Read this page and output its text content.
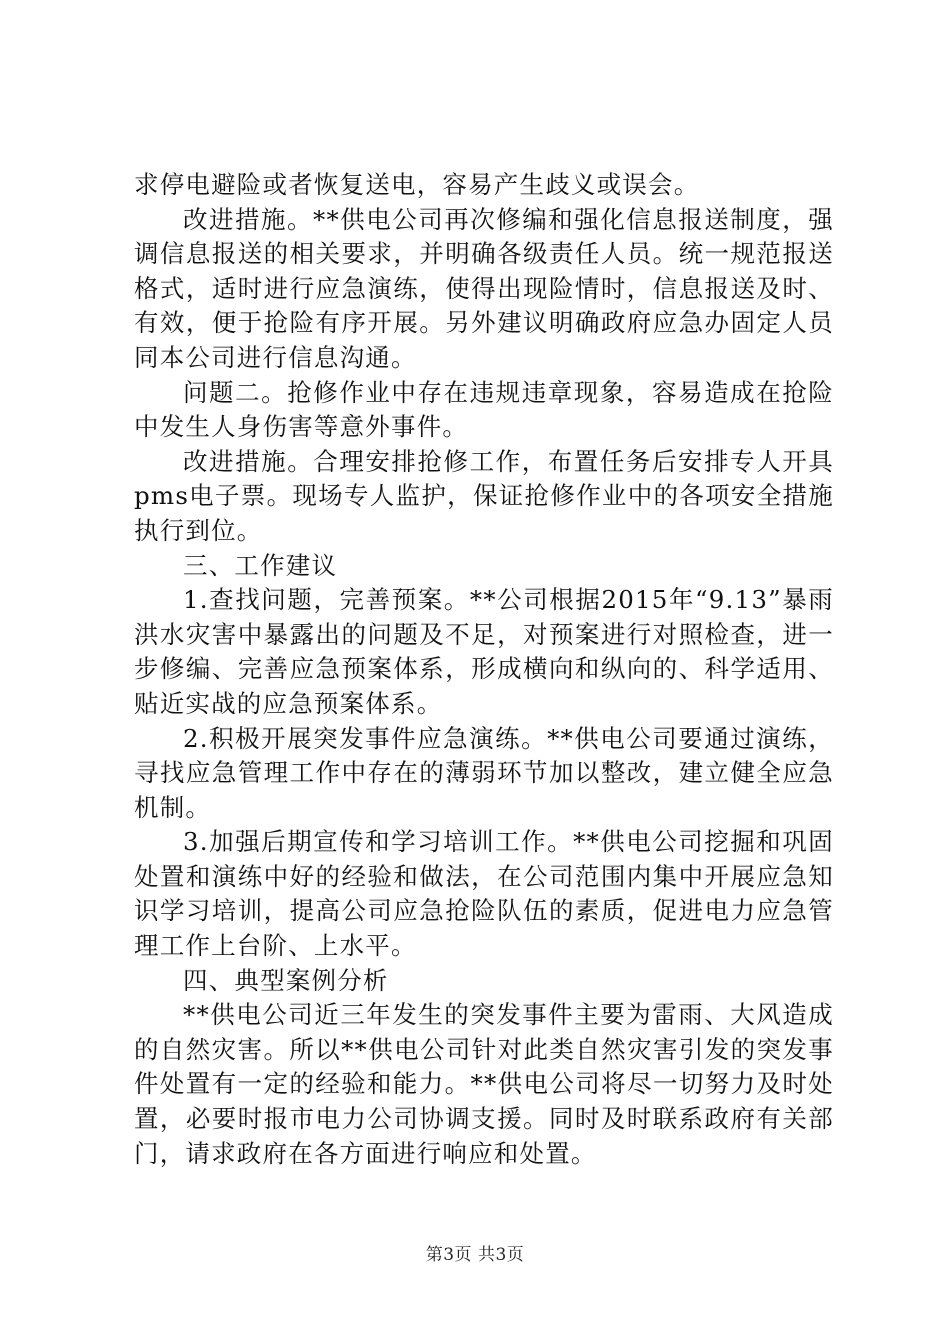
求停电避险或者恢复送电，容易产生歧义或误会。

改进措施。**供电公司再次修编和强化信息报送制度，强调信息报送的相关要求，并明确各级责任人员。统一规范报送格式，适时进行应急演练，使得出现险情时，信息报送及时、有效，便于抢险有序开展。另外建议明确政府应急办固定人员同本公司进行信息沟通。

问题二。抢修作业中存在违规违章现象，容易造成在抢险中发生人身伤害等意外事件。

改进措施。合理安排抢修工作，布置任务后安排专人开具pms电子票。现场专人监护，保证抢修作业中的各项安全措施执行到位。

三、工作建议

1.查找问题，完善预案。**公司根据2015年“9.13”暴雨洪水灾害中暴露出的问题及不足，对预案进行对照检查，进一步修编、完善应急预案体系，形成横向和纵向的、科学适用、贴近实战的应急预案体系。

2.积极开展突发事件应急演练。**供电公司要通过演练，寻找应急管理工作中存在的薄弱环节加以整改，建立健全应急机制。

3.加强后期宣传和学习培训工作。**供电公司挖掘和巩固处置和演练中好的经验和做法，在公司范围内集中开展应急知识学习培训，提高公司应急抢险队伍的素质，促进电力应急管理工作上台阶、上水平。

四、典型案例分析

**供电公司近三年发生的突发事件主要为雷雨、大风造成的自然灾害。所以**供电公司针对此类自然灾害引发的突发事件处置有一定的经验和能力。**供电公司将尽一切努力及时处置，必要时报市电力公司协调支援。同时及时联系政府有关部门，请求政府在各方面进行响应和处置。

第3页 共3页
